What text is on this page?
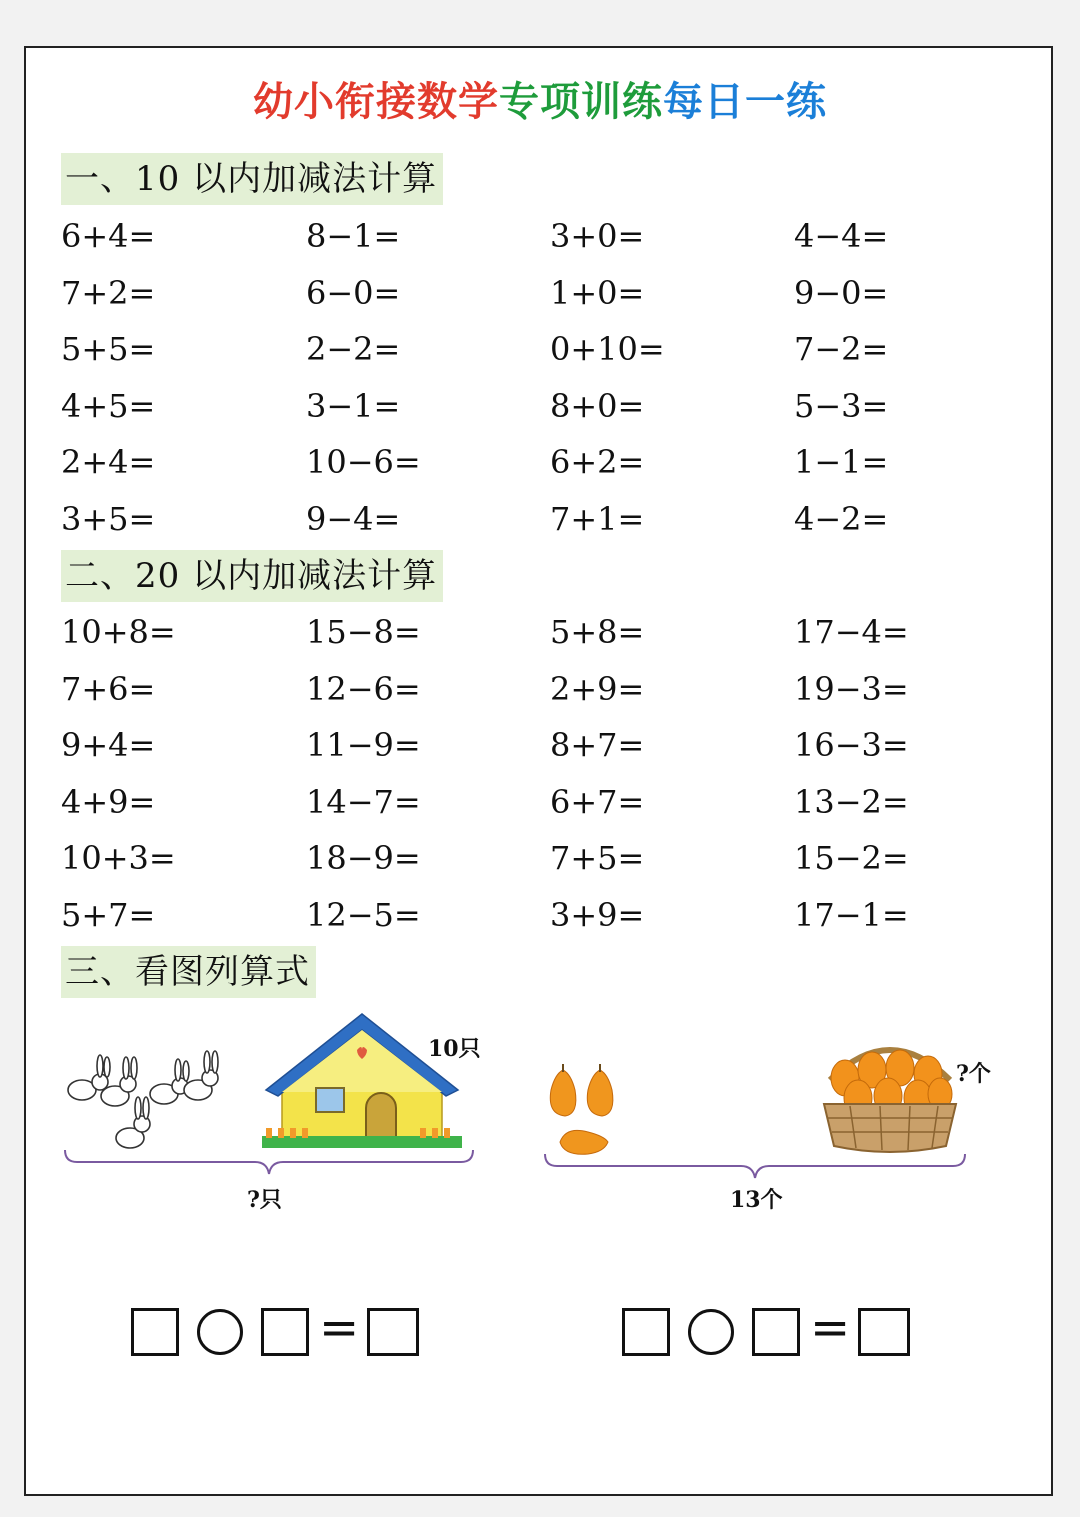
幼小衔接数学专项训练每日一练
一、10 以内加减法计算
6+4=	8−1=	3+0=	4−4=
7+2=	6−0=	1+0=	9−0=
5+5=	2−2=	0+10=	7−2=
4+5=	3−1=	8+0=	5−3=
2+4=	10−6=	6+2=	1−1=
3+5=	9−4=	7+1=	4−2=
二、20 以内加减法计算
10+8=	15−8=	5+8=	17−4=
7+6=	12−6=	2+9=	19−3=
9+4=	11−9=	8+7=	16−3=
4+9=	14−7=	6+7=	13−2=
10+3=	18−9=	7+5=	15−2=
5+7=	12−5=	3+9=	17−1=
三、看图列算式
10只
?只
?个
13个
=	=
